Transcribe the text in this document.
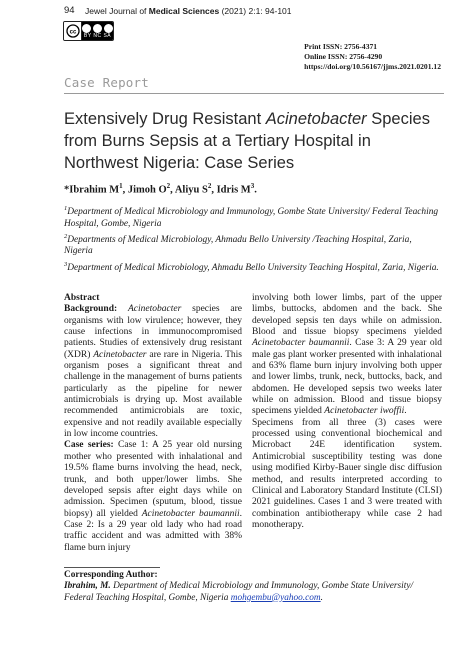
94 Jewel Journal of Medical Sciences (2021) 2:1: 94-101
cc
BY NC SA
Print ISSN: 2756-4371
Online ISSN: 2756-4290
https://doi.org/10.56167/jjms.2021.0201.12
Case Report
Extensively Drug Resistant Acinetobacter Species from Burns Sepsis at a Tertiary Hospital in Northwest Nigeria: Case Series
*Ibrahim $M^1$, Jimoh $O^2$, Aliyu $S^2$, Idris $M^3$.
$^1$Department of Medical Microbiology and Immunology, Gombe State University/ Federal Teaching Hospital, Gombe, Nigeria
$^2$Departments of Medical Microbiology, Ahmadu Bello University /Teaching Hospital, Zaria, Nigeria
$^3$Department of Medical Microbiology, Ahmadu Bello University Teaching Hospital, Zaria, Nigeria.

Abstract

Background: Acinetobacter species are organisms with low virulence; however, they cause infections in immunocompromised patients. Studies of extensively drug resistant (XDR) Acinetobacter are rare in Nigeria. This organism poses a significant threat and challenge in the management of burns patients particularly as the pipeline for newer antimicrobials is drying up. Most available recommended antimicrobials are toxic, expensive and not readily available especially in low income countries.

Case series: Case 1: A 25 year old nursing mother who presented with inhalational and 19.5% flame burns involving the head, neck, trunk, and both upper/lower limbs. She developed sepsis after eight days while on admission. Specimen (sputum, blood, tissue biopsy) all yielded Acinetobacter baumannii. Case 2: Is a 29 year old lady who had road traffic accident and was admitted with 38% flame burn injury

involving both lower limbs, part of the upper limbs, buttocks, abdomen and the back. She developed sepsis ten days while on admission. Blood and tissue biopsy specimens yielded Acinetobacter baumannii. Case 3: A 29 year old male gas plant worker presented with inhalational and 63% flame burn injury involving both upper and lower limbs, trunk, neck, buttocks, back, and abdomen. He developed sepsis two weeks later while on admission. Blood and tissue biopsy specimens yielded Acinetobacter iwoffii.

Specimens from all three (3) cases were processed using conventional biochemical and Microbact 24E identification system. Antimicrobial susceptibility testing was done using modified Kirby-Bauer single disc diffusion method, and results interpreted according to Clinical and Laboratory Standard Institute (CLSI) 2021 guidelines. Cases 1 and 3 were treated with combination antibiotherapy while case 2 had monotherapy.

Corresponding Author:
Ibrahim, M. Department of Medical Microbiology and Immunology, Gombe State University/ Federal Teaching Hospital, Gombe, Nigeria mohgembu@yahoo.com.
